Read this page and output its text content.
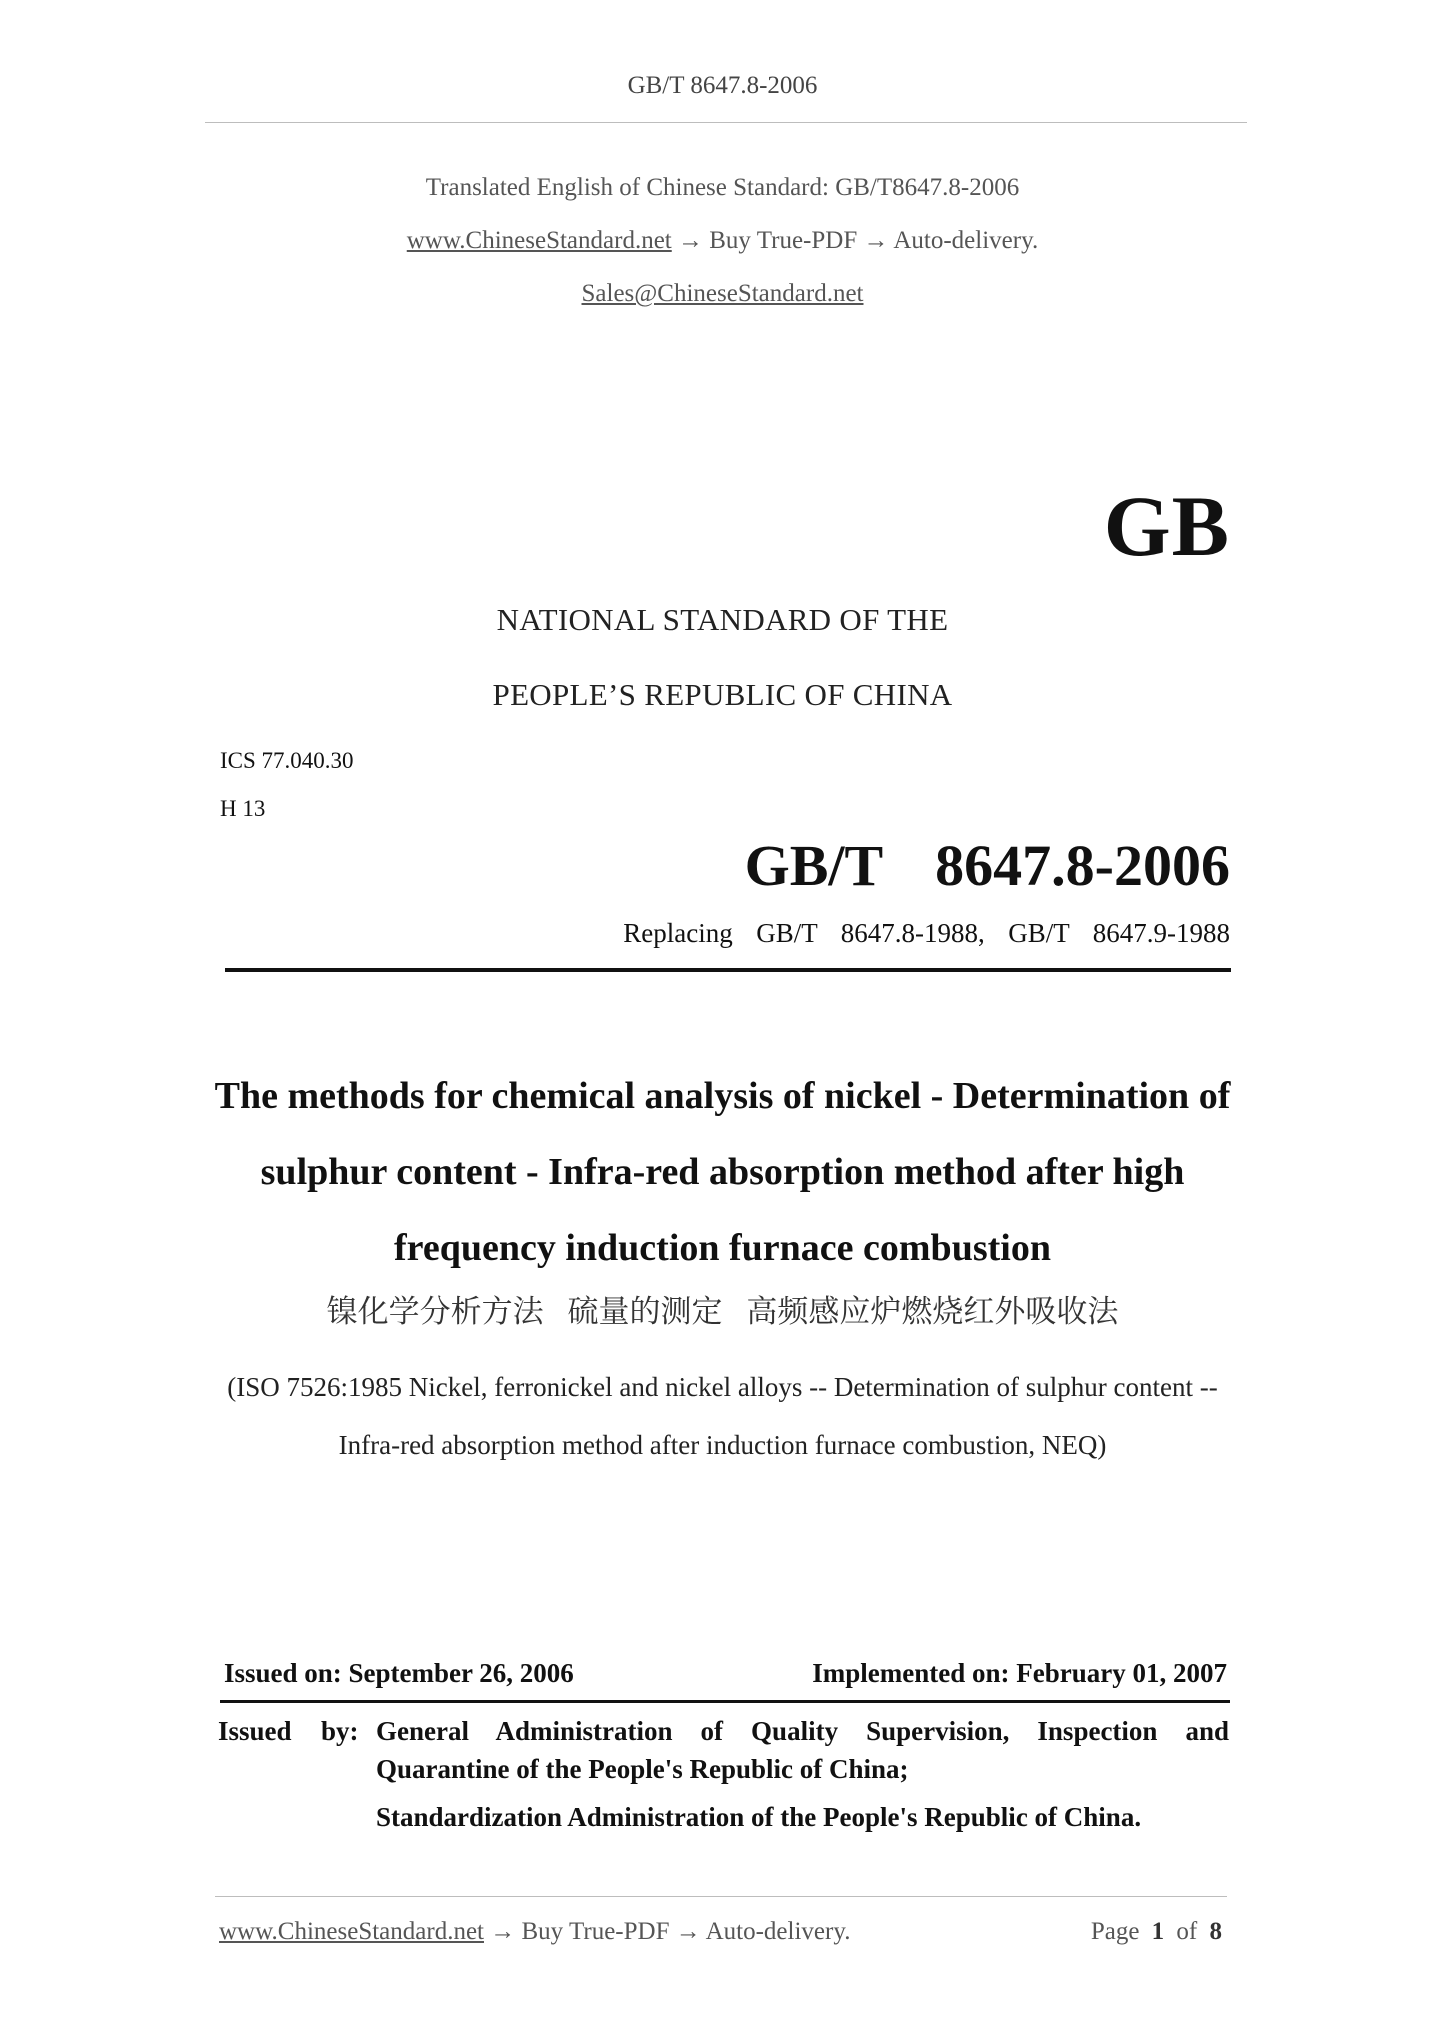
GB/T 8647.8-2006
Translated English of Chinese Standard: GB/T8647.8-2006
www.ChineseStandard.net → Buy True-PDF → Auto-delivery.
Sales@ChineseStandard.net
GB
NATIONAL STANDARD OF THE
PEOPLE’S REPUBLIC OF CHINA
ICS 77.040.30
H 13
GB/T  8647.8-2006
Replacing  GB/T  8647.8-1988,  GB/T  8647.9-1988
The methods for chemical analysis of nickel - Determination of sulphur content - Infra-red absorption method after high frequency induction furnace combustion
镍化学分析方法 硫量的测定 高频感应炉燃烧红外吸收法
(ISO 7526:1985 Nickel, ferronickel and nickel alloys -- Determination of sulphur content -- Infra-red absorption method after induction furnace combustion, NEQ)
Issued on: September 26, 2006	Implemented on: February 01, 2007
Issued  by: General Administration of Quality Supervision, Inspection and
Quarantine of the People's Republic of China;
Standardization Administration of the People's Republic of China.
www.ChineseStandard.net → Buy True-PDF → Auto-delivery.	Page 1 of 8
